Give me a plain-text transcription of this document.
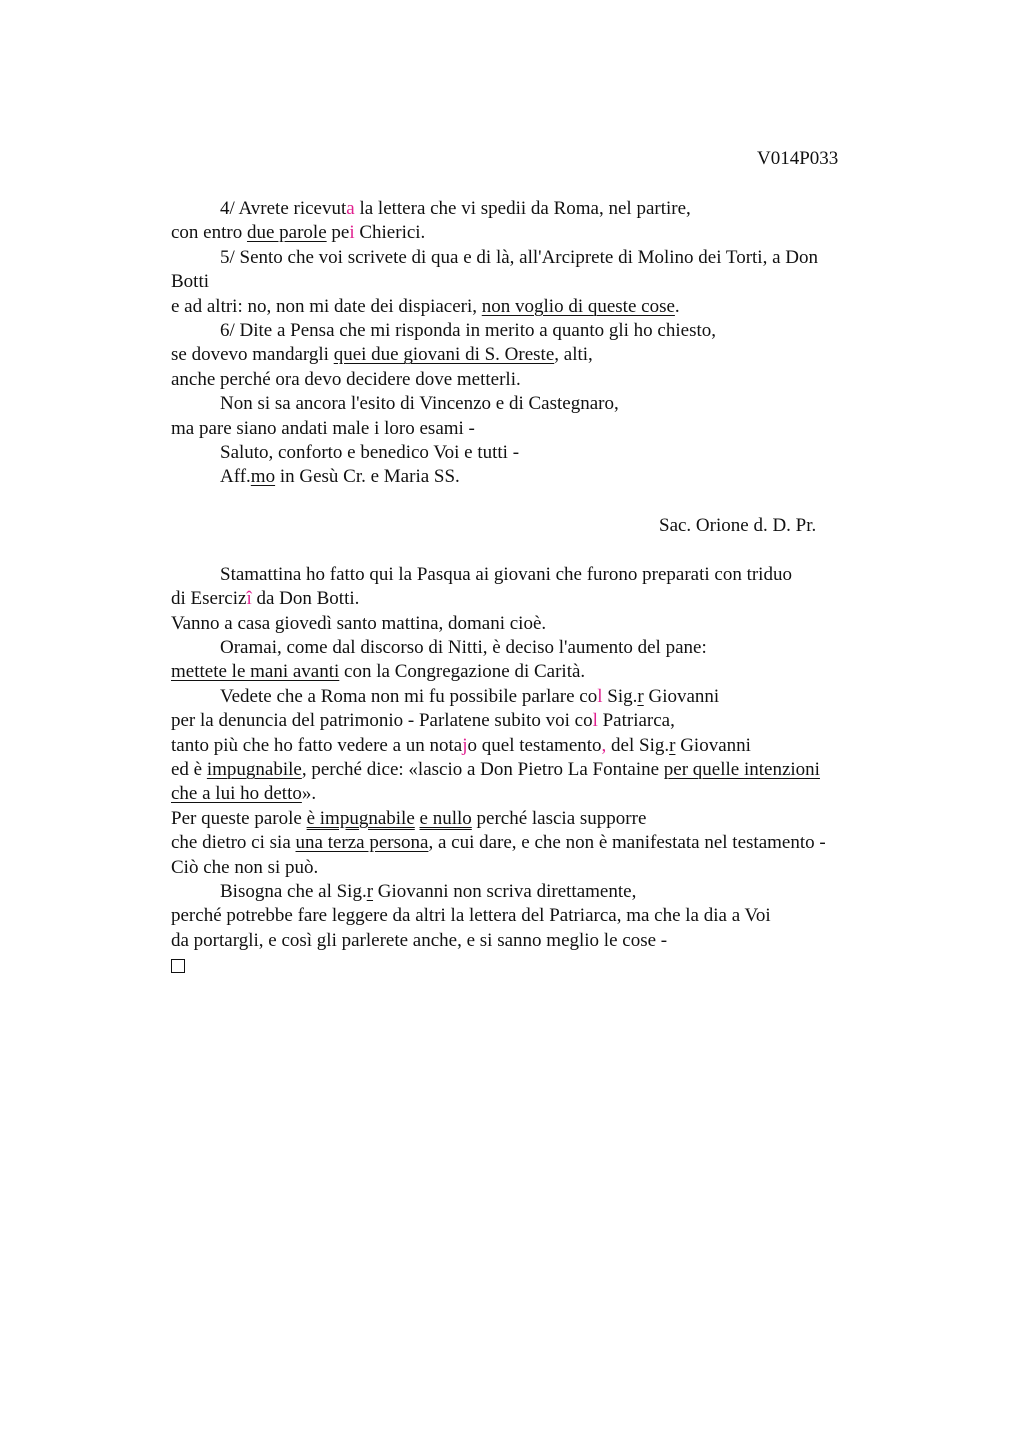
V014P033
4/ Avrete ricevuta la lettera che vi spedii da Roma, nel partire,
con entro due parole pei Chierici.
5/ Sento che voi scrivete di qua e di là, all'Arciprete di Molino dei Torti, a Don
Botti
e ad altri: no, non mi date dei dispiaceri, non voglio di queste cose.
6/ Dite a Pensa che mi risponda in merito a quanto gli ho chiesto,
se dovevo mandargli quei due giovani di S. Oreste, alti,
anche perché ora devo decidere dove metterli.
Non si sa ancora l'esito di Vincenzo e di Castegnaro,
ma pare siano andati male i loro esami -
Saluto, conforto e benedico Voi e tutti -
Aff.mo in Gesù Cr. e Maria SS.
Sac. Orione d. D. Pr.
Stamattina ho fatto qui la Pasqua ai giovani che furono preparati con triduo
di Esercizî da Don Botti.
Vanno a casa giovedì santo mattina, domani cioè.
Oramai, come dal discorso di Nitti, è deciso l'aumento del pane:
mettete le mani avanti con la Congregazione di Carità.
Vedete che a Roma non mi fu possibile parlare col Sig.r Giovanni
per la denuncia del patrimonio - Parlatene subito voi col Patriarca,
tanto più che ho fatto vedere a un notajo quel testamento, del Sig.r Giovanni
ed è impugnabile, perché dice: «lascio a Don Pietro La Fontaine per quelle intenzioni
che a lui ho detto».
Per queste parole è impugnabile e nullo perché lascia supporre
che dietro ci sia una terza persona, a cui dare, e che non è manifestata nel testamento -
Ciò che non si può.
Bisogna che al Sig.r Giovanni non scriva direttamente,
perché potrebbe fare leggere da altri la lettera del Patriarca, ma che la dia a Voi
da portargli, e così gli parlerete anche, e si sanno meglio le cose -
